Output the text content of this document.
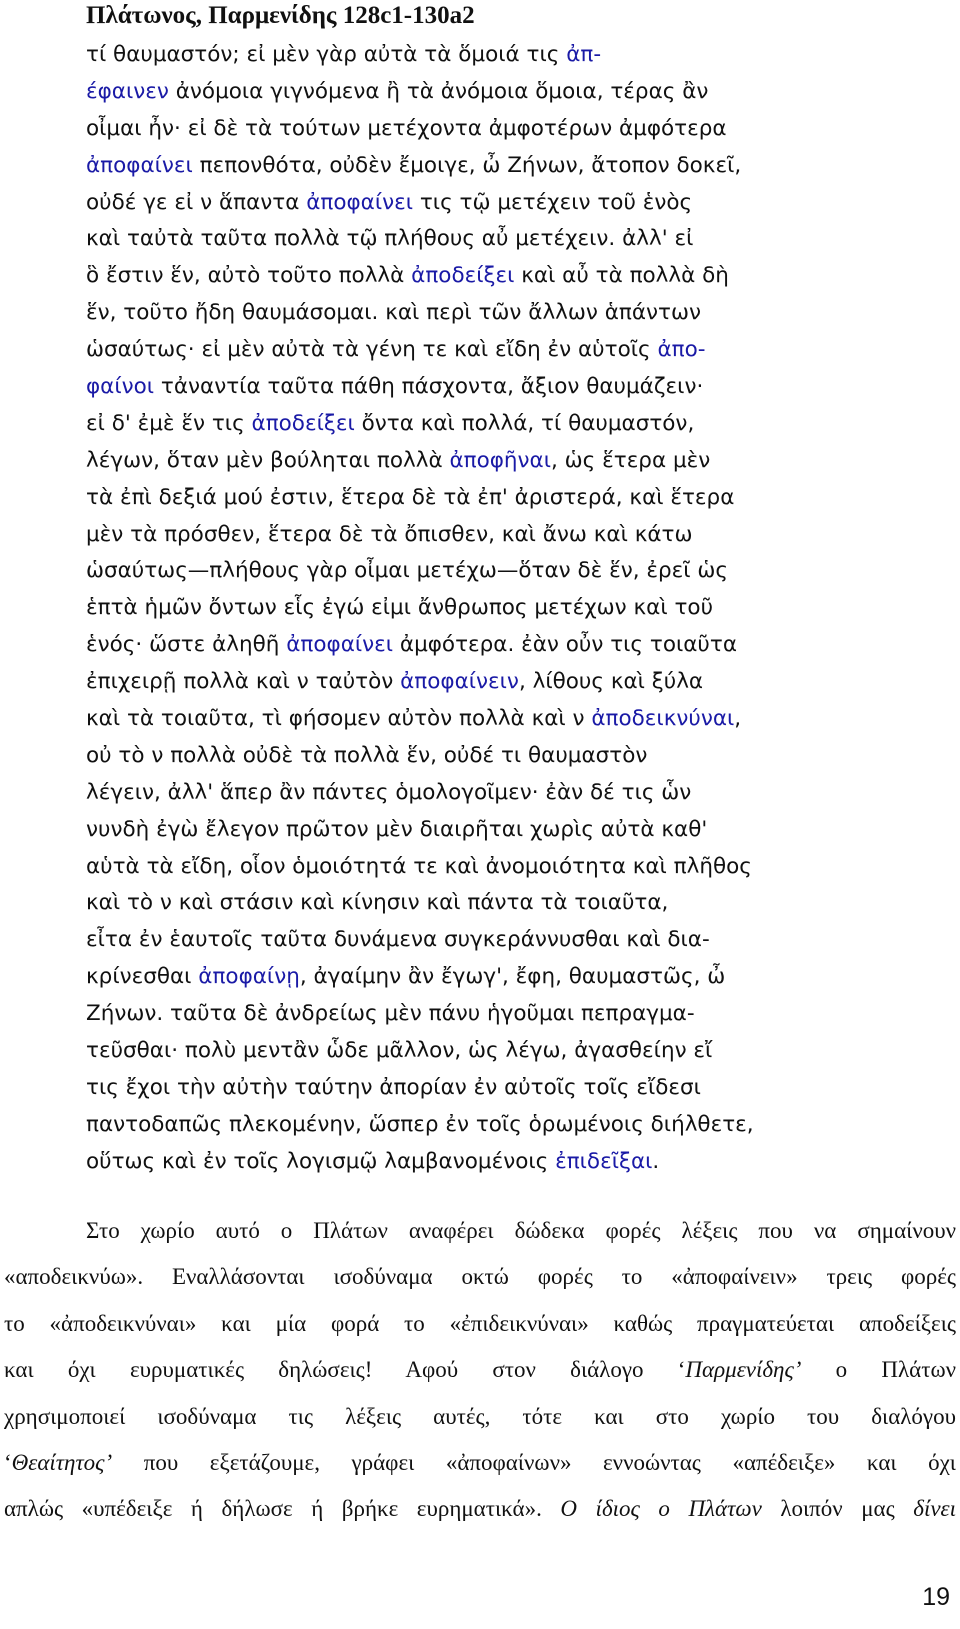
Πλάτωνος, Παρμενίδης 128c1-130a2
τί θαυμαστόν; εἰ μὲν γὰρ αὐτὰ τὰ ὅμοιά τις ἀπ-
έφαινεν ἀνόμοια γιγνόμενα ἢ τὰ ἀνόμοια ὅμοια, τέρας ἂν
οἶμαι ἦν· εἰ δὲ τὰ τούτων μετέχοντα ἀμφοτέρων ἀμφότερα
ἀποφαίνει πεπονθότα, οὐδὲν ἔμοιγε, ὦ Ζήνων, ἄτοπον δοκεῖ,
οὐδέ γε εἰ ν ἅπαντα ἀποφαίνει τις τῷ μετέχειν τοῦ ἑνὸς
καὶ ταὐτὰ ταῦτα πολλὰ τῷ πλήθους αὖ μετέχειν. ἀλλ' εἰ
ὃ ἔστιν ἕν, αὐτὸ τοῦτο πολλὰ ἀποδείξει καὶ αὖ τὰ πολλὰ δὴ
ἕν, τοῦτο ἤδη θαυμάσομαι. καὶ περὶ τῶν ἄλλων ἁπάντων
ὡσαύτως· εἰ μὲν αὐτὰ τὰ γένη τε καὶ εἴδη ἐν αὑτοῖς ἀπο-
φαίνοι τἀναντία ταῦτα πάθη πάσχοντα, ἄξιον θαυμάζειν·
εἰ δ' ἐμὲ ἕν τις ἀποδείξει ὄντα καὶ πολλά, τί θαυμαστόν,
λέγων, ὅταν μὲν βούληται πολλὰ ἀποφῆναι, ὡς ἕτερα μὲν
τὰ ἐπὶ δεξιά μού ἐστιν, ἕτερα δὲ τὰ ἐπ' ἀριστερά, καὶ ἕτερα
μὲν τὰ πρόσθεν, ἕτερα δὲ τὰ ὄπισθεν, καὶ ἄνω καὶ κάτω
ὡσαύτως—πλήθους γὰρ οἶμαι μετέχω—ὅταν δὲ ἕν, ἐρεῖ ὡς
ἑπτὰ ἡμῶν ὄντων εἷς ἐγώ εἰμι ἄνθρωπος μετέχων καὶ τοῦ
ἑνός· ὥστε ἀληθῆ ἀποφαίνει ἀμφότερα. ἐὰν οὖν τις τοιαῦτα
ἐπιχειρῇ πολλὰ καὶ ν ταὐτὸν ἀποφαίνειν, λίθους καὶ ξύλα
καὶ τὰ τοιαῦτα, τὶ φήσομεν αὐτὸν πολλὰ καὶ ν ἀποδεικνύναι,
οὐ τὸ ν πολλὰ οὐδὲ τὰ πολλὰ ἕν, οὐδέ τι θαυμαστὸν
λέγειν, ἀλλ' ἅπερ ἂν πάντες ὁμολογοῖμεν· ἐὰν δέ τις ὧν
νυνδὴ ἐγὼ ἔλεγον πρῶτον μὲν διαιρῆται χωρὶς αὐτὰ καθ'
αὑτὰ τὰ εἴδη, οἷον ὁμοιότητά τε καὶ ἀνομοιότητα καὶ πλῆθος
καὶ τὸ ν καὶ στάσιν καὶ κίνησιν καὶ πάντα τὰ τοιαῦτα,
εἶτα ἐν ἑαυτοῖς ταῦτα δυνάμενα συγκεράννυσθαι καὶ δια-
κρίνεσθαι ἀποφαίνῃ, ἀγαίμην ἂν ἔγωγ', ἔφη, θαυμαστῶς, ὦ
Ζήνων. ταῦτα δὲ ἀνδρείως μὲν πάνυ ἡγοῦμαι πεπραγμα-
τεῦσθαι· πολὺ μεντἂν ὧδε μᾶλλον, ὡς λέγω, ἀγασθείην εἴ
τις ἔχοι τὴν αὐτὴν ταύτην ἀπορίαν ἐν αὐτοῖς τοῖς εἴδεσι
παντοδαπῶς πλεκομένην, ὥσπερ ἐν τοῖς ὁρωμένοις διήλθετε,
οὕτως καὶ ἐν τοῖς λογισμῷ λαμβανομένοις ἐπιδεῖξαι.
Στο χωρίο αυτό ο Πλάτων αναφέρει δώδεκα φορές λέξεις που να σημαίνουν
«αποδεικνύω». Εναλλάσονται ισοδύναμα οκτώ φορές το «ἀποφαίνειν» τρεις φορές
το «ἀποδεικνύναι» και μία φορά το «ἐπιδεικνύναι» καθώς πραγματεύεται αποδείξεις
και όχι ευρυματικές δηλώσεις! Αφού στον διάλογο ‘Παρμενίδης’ ο Πλάτων
χρησιμοποιεί ισοδύναμα τις λέξεις αυτές, τότε και στο χωρίο του διαλόγου
‘Θεαίτητος’ που εξετάζουμε, γράφει «ἀποφαίνων» εννοώντας «απέδειξε» και όχι
απλώς «υπέδειξε ή δήλωσε ή βρήκε ευρηματικά». Ο ίδιος ο Πλάτων λοιπόν μας δίνει
19
